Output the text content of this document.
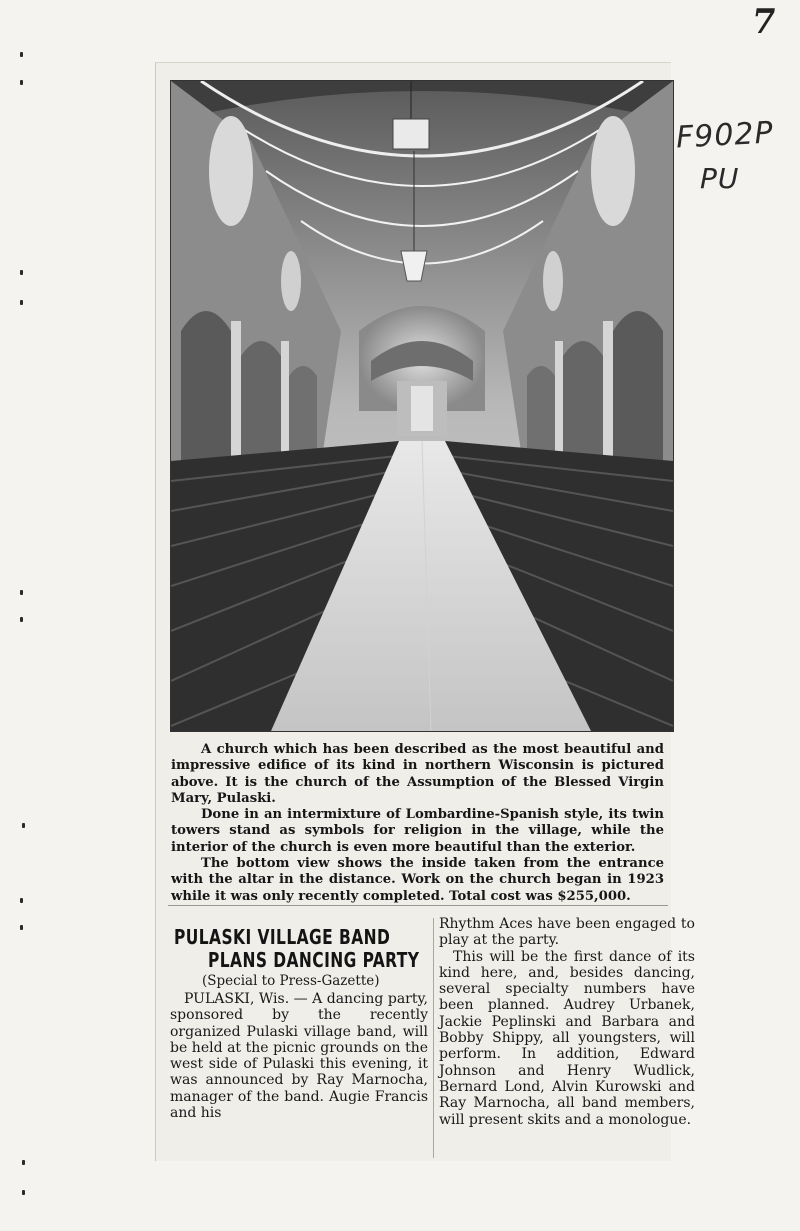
7
F902P
PU

A church which has been described as the most beautiful and impressive edifice of its kind in northern Wisconsin is pictured above. It is the church of the Assumption of the Blessed Virgin Mary, Pulaski.

Done in an intermixture of Lombardine-Spanish style, its twin towers stand as symbols for religion in the village, while the interior of the church is even more beautiful than the exterior.

The bottom view shows the inside taken from the entrance with the altar in the distance. Work on the church began in 1923 while it was only recently completed. Total cost was $255,000.

PULASKI VILLAGE BAND
PLANS DANCING PARTY
(Special to Press-Gazette)

PULASKI, Wis. — A dancing party, sponsored by the recently organized Pulaski village band, will be held at the picnic grounds on the west side of Pulaski this evening, it was announced by Ray Marnocha, manager of the band. Augie Francis and his

Rhythm Aces have been engaged to play at the party.

This will be the first dance of its kind here, and, besides dancing, several specialty numbers have been planned. Audrey Urbanek, Jackie Peplinski and Barbara and Bobby Shippy, all youngsters, will perform. In addition, Edward Johnson and Henry Wudlick, Bernard Lond, Alvin Kurowski and Ray Marnocha, all band members, will present skits and a monologue.
